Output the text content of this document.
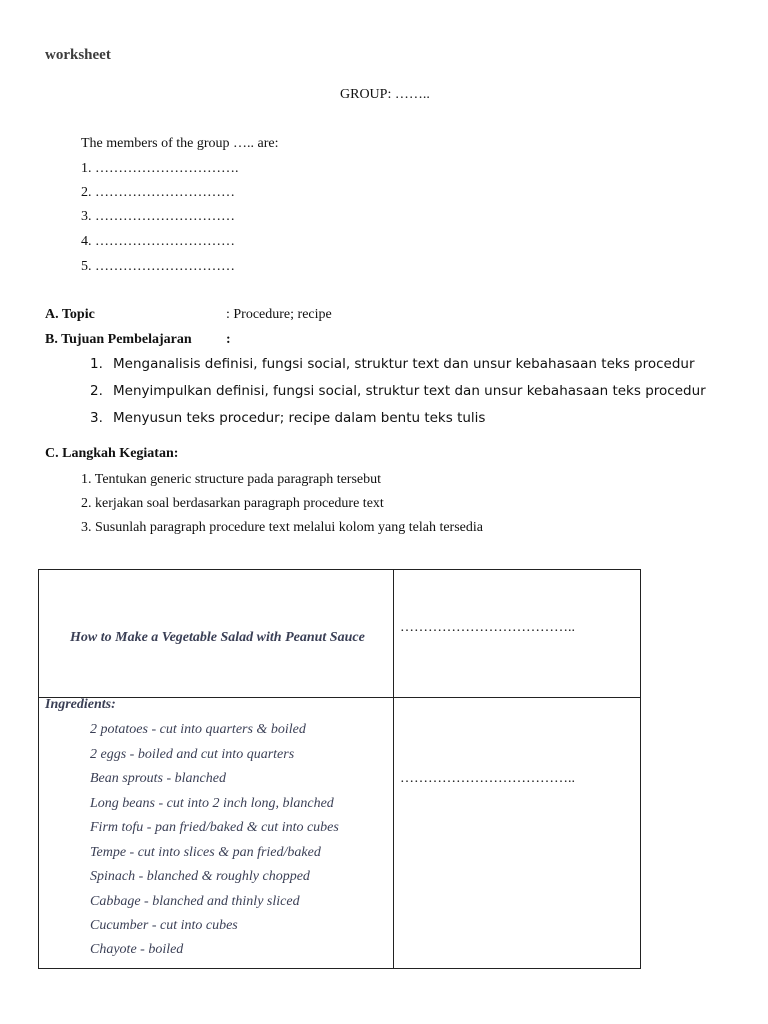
worksheet
GROUP: ……..
The members of the group ….. are:
1. ………………………….
2. …………………………
3. …………………………
4. …………………………
5. …………………………
A. Topic	: Procedure; recipe
B. Tujuan Pembelajaran :
1. Menganalisis definisi, fungsi social, struktur text dan unsur kebahasaan teks procedur
2. Menyimpulkan definisi, fungsi social, struktur text dan unsur kebahasaan teks procedur
3. Menyusun teks procedur; recipe dalam bentu teks tulis
C. Langkah Kegiatan:
1. Tentukan generic structure pada paragraph tersebut
2. kerjakan soal berdasarkan paragraph procedure text
3. Susunlah paragraph procedure text melalui kolom yang telah tersedia
How to Make a Vegetable Salad with Peanut Sauce
………………………………..
………………………………..
Ingredients:
2 potatoes - cut into quarters & boiled
2 eggs - boiled and cut into quarters
Bean sprouts - blanched
Long beans - cut into 2 inch long, blanched
Firm tofu - pan fried/baked & cut into cubes
Tempe - cut into slices & pan fried/baked
Spinach - blanched & roughly chopped
Cabbage - blanched and thinly sliced
Cucumber - cut into cubes
Chayote - boiled
